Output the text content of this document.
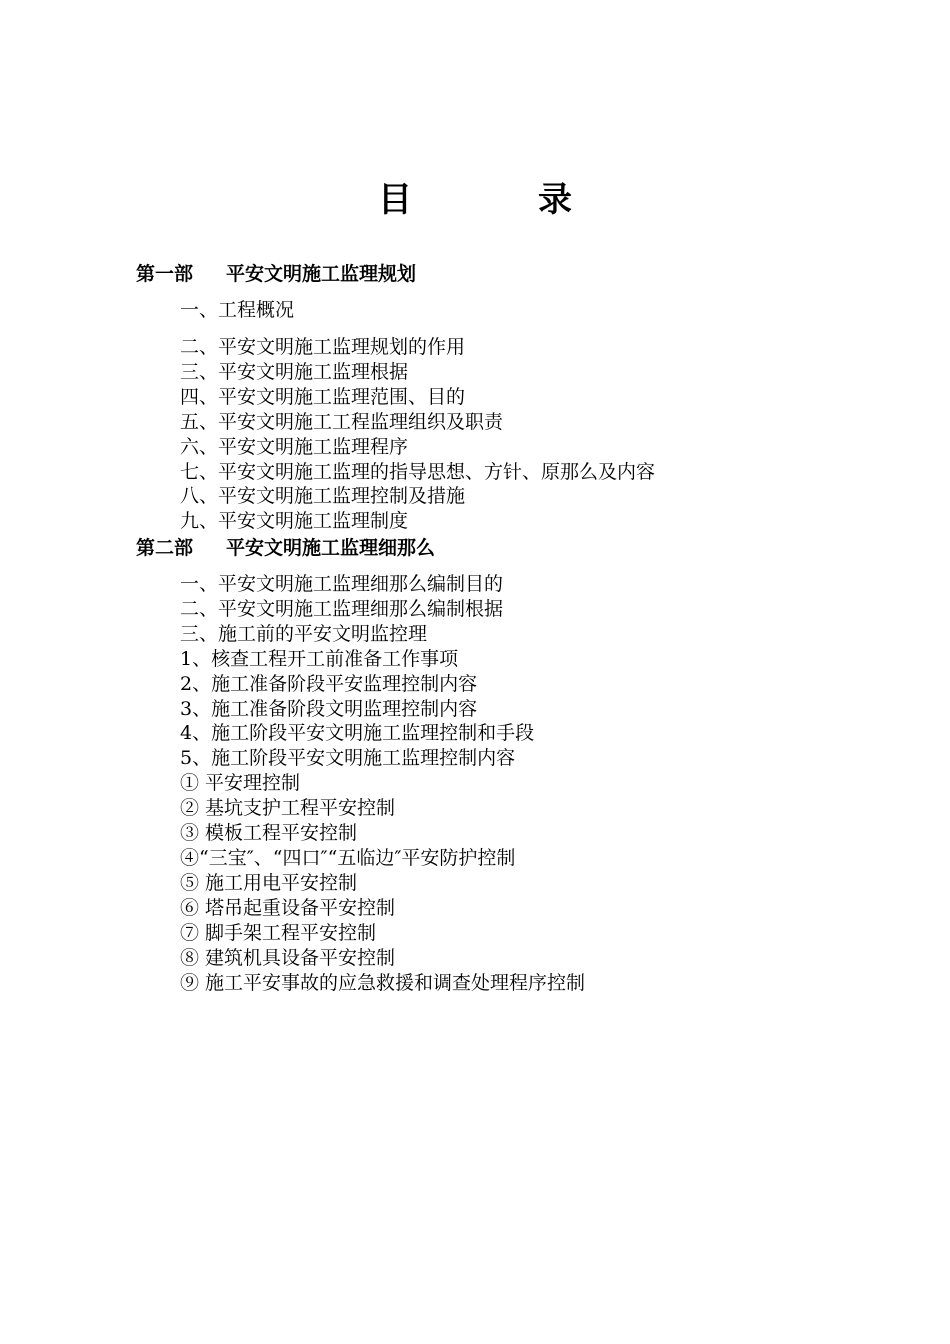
目　录
第一部 平安文明施工监理规划
一、工程概况
二、平安文明施工监理规划的作用
三、平安文明施工监理根据
四、平安文明施工监理范围、目的
五、平安文明施工工程监理组织及职责
六、平安文明施工监理程序
七、平安文明施工监理的指导思想、方针、原那么及内容
八、平安文明施工监理控制及措施
九、平安文明施工监理制度
第二部 平安文明施工监理细那么
一、平安文明施工监理细那么编制目的
二、平安文明施工监理细那么编制根据
三、施工前的平安文明监控理
1、核查工程开工前准备工作事项
2、施工准备阶段平安监理控制内容
3、施工准备阶段文明监理控制内容
4、施工阶段平安文明施工监理控制和手段
5、施工阶段平安文明施工监理控制内容
① 平安理控制
② 基坑支护工程平安控制
③ 模板工程平安控制
④“三宝″、“四口″“五临边″平安防护控制
⑤ 施工用电平安控制
⑥ 塔吊起重设备平安控制
⑦ 脚手架工程平安控制
⑧ 建筑机具设备平安控制
⑨ 施工平安事故的应急救援和调查处理程序控制
